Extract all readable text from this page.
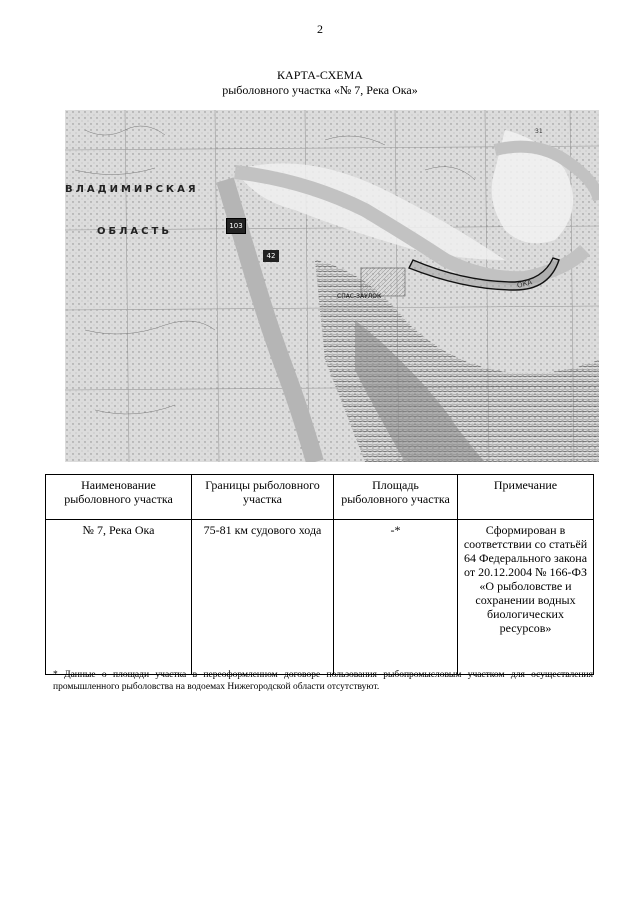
2
КАРТА-СХЕМА
рыболовного участка «№ 7, Река Ока»
ВЛАДИМИРСКАЯ
ОБЛАСТЬ	103
42
СПАС-ЗАУЛОК
ОКА
31
Наименование рыболовного участка	Границы рыболовного участка	Площадь рыболовного участка	Примечание
№ 7, Река Ока	75-81 км судового хода	-*	Сформирован в соответствии со статьёй 64 Федерального закона от 20.12.2004 № 166-ФЗ «О рыболовстве и сохранении водных биологических ресурсов»
* Данные о площади участка в переоформленном договоре пользования рыбопромысловым участком для осуществления промышленного рыболовства на водоемах Нижегородской области отсутствуют.
